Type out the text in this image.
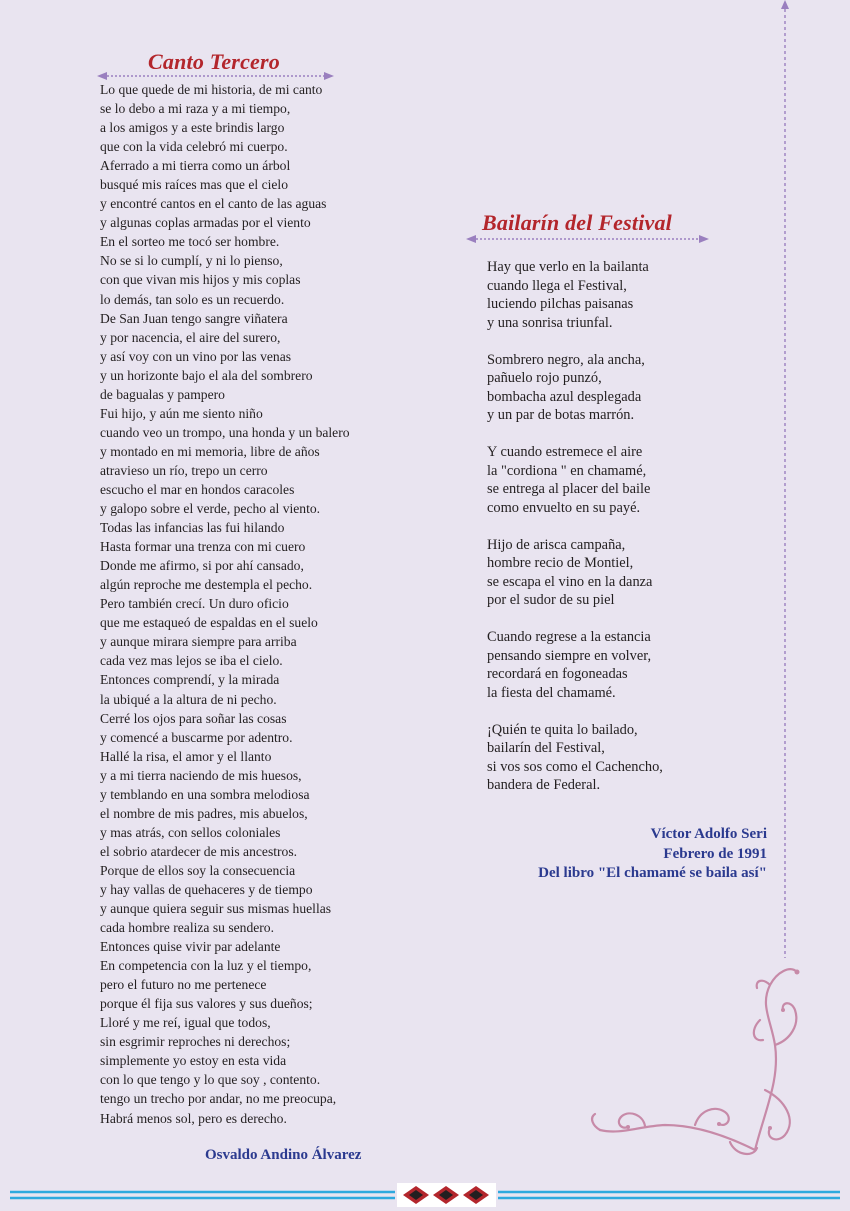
Canto Tercero
Lo que quede de mi historia, de mi canto
se lo debo a mi raza y a mi tiempo,
a los amigos y a este brindis largo
que con la vida celebró mi cuerpo.
Aferrado a mi tierra como un árbol
busqué mis raíces mas que el cielo
y encontré cantos en el canto de las aguas
y algunas coplas armadas por el viento
En el sorteo me tocó ser hombre.
No se si lo cumplí, y ni lo pienso,
con que vivan mis hijos y mis coplas
lo demás, tan solo es un recuerdo.
De San Juan tengo sangre viñatera
y por nacencia, el aire del surero,
y así voy con un vino por las venas
y un horizonte bajo el ala del sombrero
de bagualas y pampero
Fui hijo, y aún me siento niño
cuando veo un trompo, una honda y un balero
y montado en mi memoria, libre de años
atravieso un río, trepo un cerro
escucho el mar en hondos caracoles
y galopo sobre el verde, pecho al viento.
Todas las infancias las fui hilando
Hasta formar una trenza con mi cuero
Donde me afirmo, si por ahí cansado,
algún reproche me destempla el pecho.
Pero también crecí. Un duro oficio
que me estaqueó de espaldas en el suelo
y aunque mirara siempre para arriba
cada vez mas lejos se iba el cielo.
Entonces comprendí, y la mirada
la ubiqué a la altura de ni pecho.
Cerré los ojos para soñar las cosas
y comencé a buscarme por adentro.
Hallé la risa, el amor y el llanto
y a mi tierra naciendo de mis huesos,
y temblando en una sombra melodiosa
el nombre de mis padres, mis abuelos,
y mas atrás, con sellos coloniales
el sobrio atardecer de mis ancestros.
Porque de ellos soy la consecuencia
y hay vallas de quehaceres y de tiempo
y aunque quiera seguir sus mismas huellas
cada hombre realiza su sendero.
Entonces quise vivir par adelante
En competencia con la luz y el tiempo,
pero el futuro no me pertenece
porque él fija sus valores y sus dueños;
Lloré y me reí, igual que todos,
sin esgrimir reproches ni derechos;
simplemente yo estoy en esta vida
con lo que tengo y lo que soy , contento.
tengo un trecho por andar, no me preocupa,
Habrá menos sol, pero es derecho.
Osvaldo Andino Álvarez
Bailarín del Festival
Hay que verlo en la bailanta
cuando llega el Festival,
luciendo pilchas paisanas
y una sonrisa triunfal.
Sombrero negro, ala ancha,
pañuelo rojo punzó,
bombacha azul desplegada
y un par de botas marrón.
Y cuando estremece el aire
la "cordiona " en chamamé,
se entrega al placer del baile
como envuelto en su payé.
Hijo de arisca campaña,
hombre recio de Montiel,
se escapa el vino en la danza
por el sudor de su piel
Cuando regrese a la estancia
pensando siempre en volver,
recordará en fogoneadas
la fiesta del chamamé.
¡Quién te quita lo bailado,
bailarín del Festival,
si vos sos como el Cachencho,
bandera de Federal.
Víctor Adolfo Seri
Febrero de 1991
Del libro "El chamamé se baila así"
